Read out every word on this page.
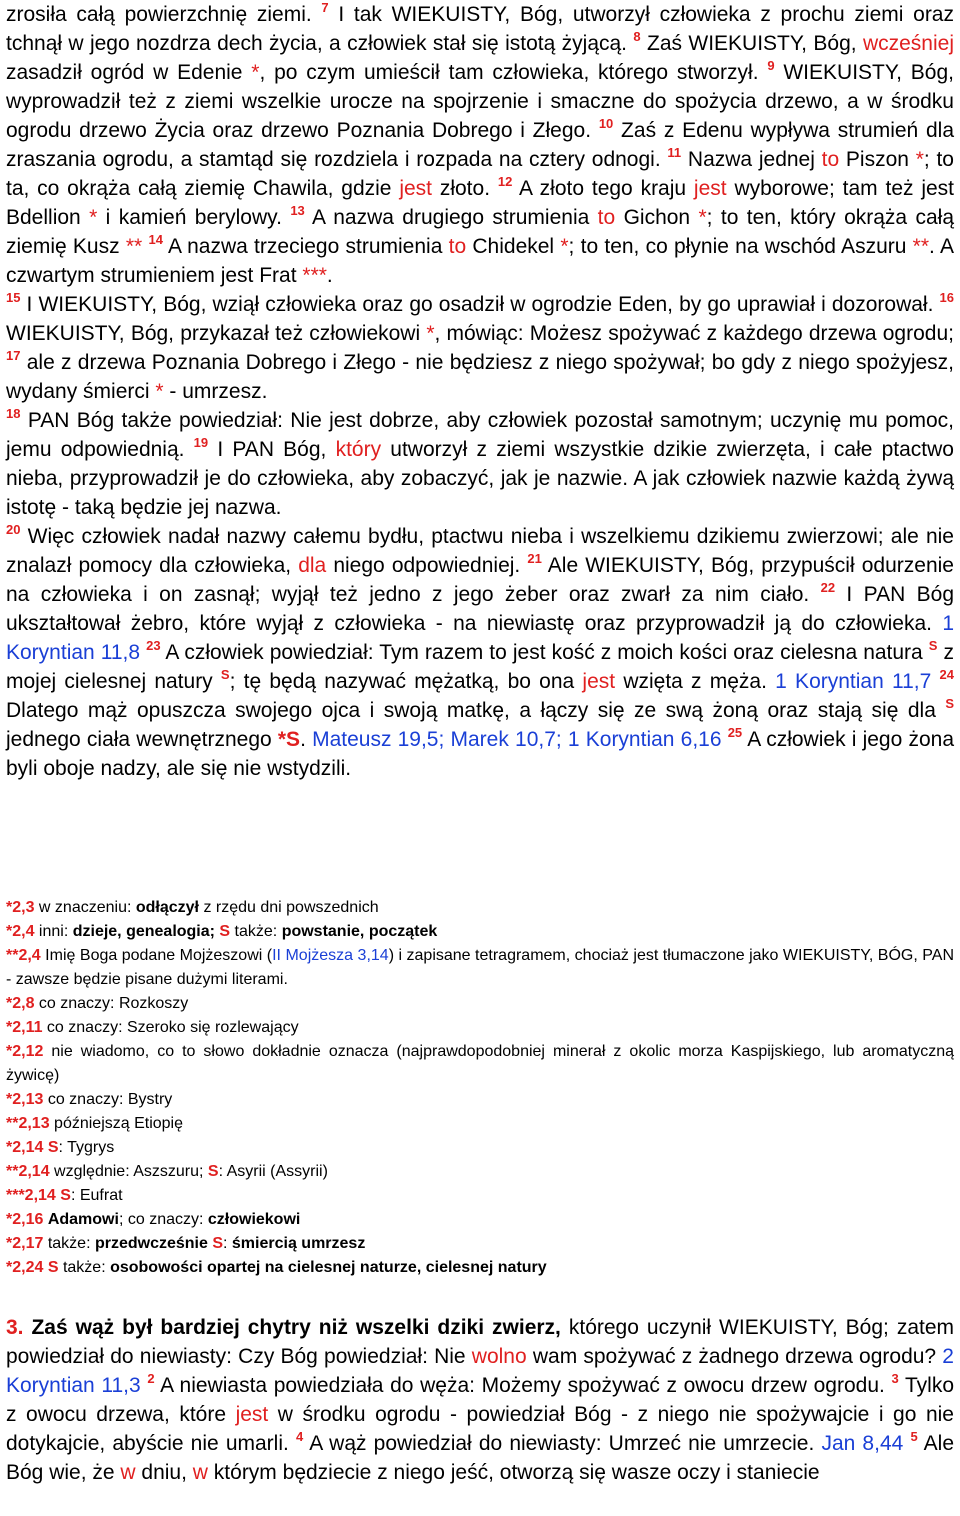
zrosiła całą powierzchnię ziemi. $^7$ I tak WIEKUISTY, Bóg, utworzył człowieka z prochu ziemi oraz tchnął w jego nozdrza dech życia, a człowiek stał się istotą żyjącą. $^8$ Zaś WIEKUISTY, Bóg, wcześniej zasadził ogród w Edenie *, po czym umieścił tam człowieka, którego stworzył. $^9$ WIEKUISTY, Bóg, wyprowadził też z ziemi wszelkie urocze na spojrzenie i smaczne do spożycia drzewo, a w środku ogrodu drzewo Życia oraz drzewo Poznania Dobrego i Złego. $^{10}$ Zaś z Edenu wypływa strumień dla zraszania ogrodu, a stamtąd się rozdziela i rozpada na cztery odnogi. $^{11}$ Nazwa jednej to Piszon *; to ta, co okrąża całą ziemię Chawila, gdzie jest złoto. $^{12}$ A złoto tego kraju jest wyborowe; tam też jest Bdellion * i kamień berylowy. $^{13}$ A nazwa drugiego strumienia to Gichon *; to ten, który okrąża całą ziemię Kusz ** $^{14}$ A nazwa trzeciego strumienia to Chidekel *; to ten, co płynie na wschód Aszuru **. A czwartym strumieniem jest Frat ***.

$^{15}$ I WIEKUISTY, Bóg, wziął człowieka oraz go osadził w ogrodzie Eden, by go uprawiał i dozorował. $^{16}$ WIEKUISTY, Bóg, przykazał też człowiekowi *, mówiąc: Możesz spożywać z każdego drzewa ogrodu; $^{17}$ ale z drzewa Poznania Dobrego i Złego - nie będziesz z niego spożywał; bo gdy z niego spożyjesz, wydany śmierci * - umrzesz.

$^{18}$ PAN Bóg także powiedział: Nie jest dobrze, aby człowiek pozostał samotnym; uczynię mu pomoc, jemu odpowiednią. $^{19}$ I PAN Bóg, który utworzył z ziemi wszystkie dzikie zwierzęta, i całe ptactwo nieba, przyprowadził je do człowieka, aby zobaczyć, jak je nazwie. A jak człowiek nazwie każdą żywą istotę - taką będzie jej nazwa.

$^{20}$ Więc człowiek nadał nazwy całemu bydłu, ptactwu nieba i wszelkiemu dzikiemu zwierzowi; ale nie znalazł pomocy dla człowieka, dla niego odpowiedniej. $^{21}$ Ale WIEKUISTY, Bóg, przypuścił odurzenie na człowieka i on zasnął; wyjął też jedno z jego żeber oraz zwarł za nim ciało. $^{22}$ I PAN Bóg ukształtował żebro, które wyjął z człowieka - na niewiastę oraz przyprowadził ją do człowieka. 1 Koryntian 11,8 $^{23}$ A człowiek powiedział: Tym razem to jest kość z moich kości oraz cielesna natura $^S$ z mojej cielesnej natury $^S$; tę będą nazywać mężatką, bo ona jest wzięta z męża. 1 Koryntian 11,7 $^{24}$ Dlatego mąż opuszcza swojego ojca i swoją matkę, a łączy się ze swą żoną oraz stają się dla $^S$ jednego ciała wewnętrznego *S. Mateusz 19,5; Marek 10,7; 1 Koryntian 6,16 $^{25}$ A człowiek i jego żona byli oboje nadzy, ale się nie wstydzili.

*2,3 w znaczeniu: odłączył z rzędu dni powszednich

*2,4 inni: dzieje, genealogia; S także: powstanie, początek

**2,4 Imię Boga podane Mojżeszowi (II Mojżesza 3,14) i zapisane tetragramem, chociaż jest tłumaczone jako WIEKUISTY, BÓG, PAN - zawsze będzie pisane dużymi literami.

*2,8 co znaczy: Rozkoszy

*2,11 co znaczy: Szeroko się rozlewający

*2,12 nie wiadomo, co to słowo dokładnie oznacza (najprawdopodobniej minerał z okolic morza Kaspijskiego, lub aromatyczną żywicę)

*2,13 co znaczy: Bystry

**2,13 późniejszą Etiopię

*2,14 S: Tygrys

**2,14 względnie: Aszszuru; S: Asyrii (Assyrii)

***2,14 S: Eufrat

*2,16 Adamowi; co znaczy: człowiekowi

*2,17 także: przedwcześnie S: śmiercią umrzesz

*2,24 S także: osobowości opartej na cielesnej naturze, cielesnej natury

3. Zaś wąż był bardziej chytry niż wszelki dziki zwierz, którego uczynił WIEKUISTY, Bóg; zatem powiedział do niewiasty: Czy Bóg powiedział: Nie wolno wam spożywać z żadnego drzewa ogrodu? 2 Koryntian 11,3 $^2$ A niewiasta powiedziała do węża: Możemy spożywać z owocu drzew ogrodu. $^3$ Tylko z owocu drzewa, które jest w środku ogrodu - powiedział Bóg - z niego nie spożywajcie i go nie dotykajcie, abyście nie umarli. $^4$ A wąż powiedział do niewiasty: Umrzeć nie umrzecie. Jan 8,44 $^5$ Ale Bóg wie, że w dniu, w którym będziecie z niego jeść, otworzą się wasze oczy i staniecie
